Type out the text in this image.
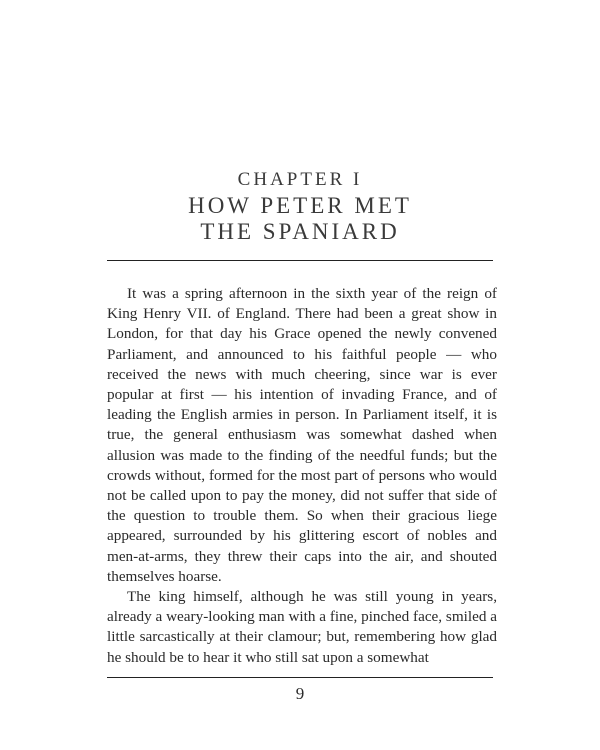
CHAPTER I
HOW PETER MET
THE SPANIARD

It was a spring afternoon in the sixth year of the reign of King Henry VII. of England. There had been a great show in London, for that day his Grace opened the newly convened Parliament, and announced to his faithful people — who received the news with much cheering, since war is ever popular at first — his intention of invading France, and of leading the English armies in person. In Parliament itself, it is true, the general enthusiasm was somewhat dashed when allusion was made to the finding of the needful funds; but the crowds without, formed for the most part of persons who would not be called upon to pay the money, did not suffer that side of the question to trouble them. So when their gracious liege appeared, surrounded by his glittering escort of nobles and men-at-arms, they threw their caps into the air, and shouted themselves hoarse.

The king himself, although he was still young in years, already a weary-looking man with a fine, pinched face, smiled a little sarcastically at their clamour; but, remembering how glad he should be to hear it who still sat upon a somewhat

9
